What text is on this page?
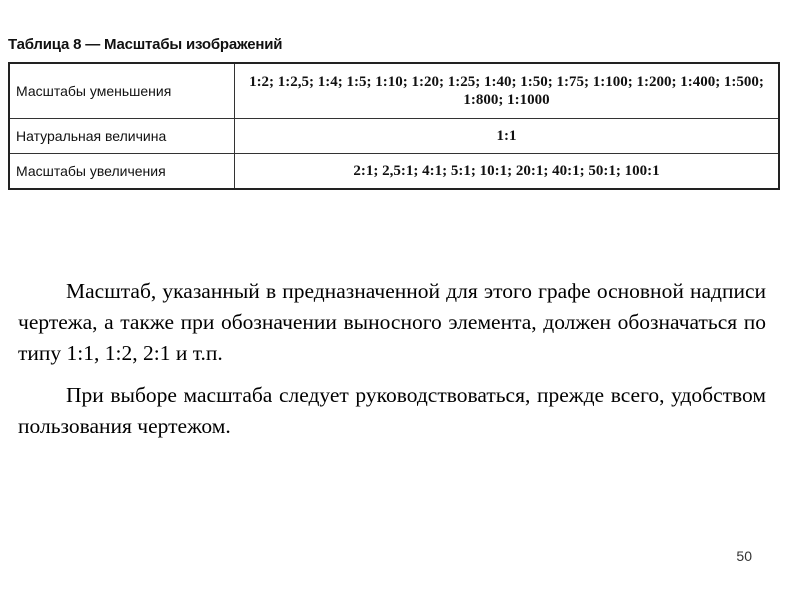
Таблица 8 — Масштабы изображений
Масштабы уменьшения	1:2; 1:2,5; 1:4; 1:5; 1:10; 1:20; 1:25; 1:40; 1:50; 1:75; 1:100; 1:200; 1:400; 1:500; 1:800; 1:1000
Натуральная величина	1:1
Масштабы увеличения	2:1; 2,5:1; 4:1; 5:1; 10:1; 20:1; 40:1; 50:1; 100:1

Масштаб, указанный в предназначенной для этого графе основной надписи чертежа, а также при обозначении выносного элемента, должен обозначаться по типу 1:1, 1:2, 2:1 и т.п.

При выборе масштаба следует руководствоваться, прежде всего, удобством пользования чертежом.

50
